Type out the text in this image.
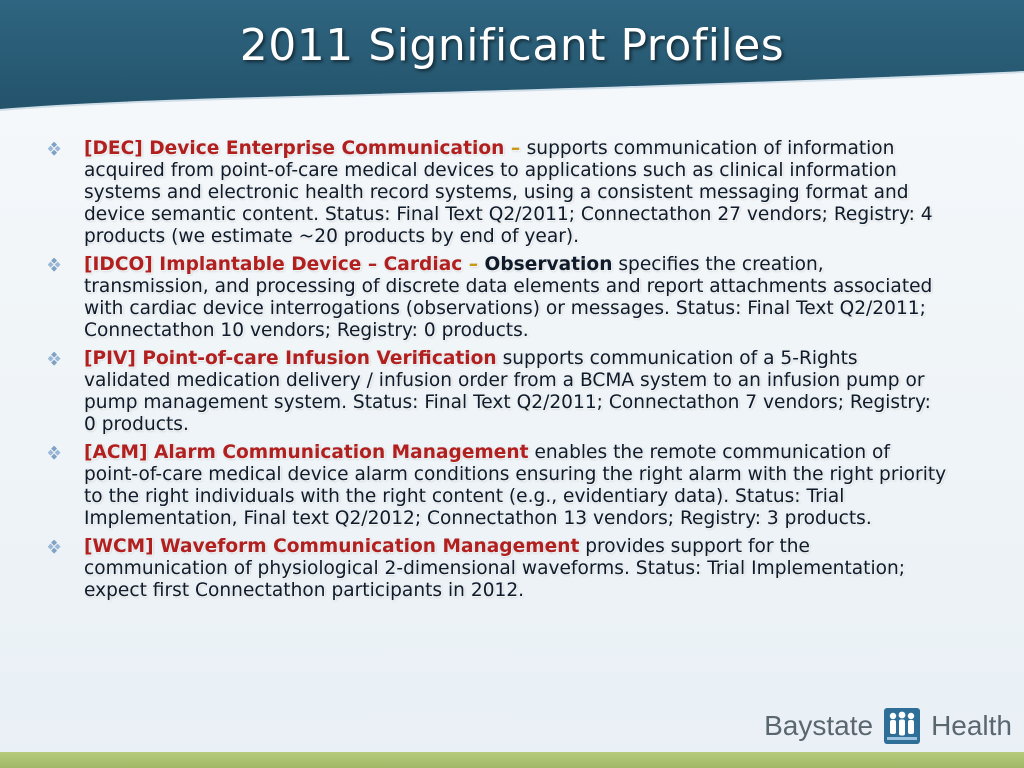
2011 Significant Profiles
[DEC] Device Enterprise Communication – supports communication of information acquired from point-of-care medical devices to applications such as clinical information systems and electronic health record systems, using a consistent messaging format and device semantic content. Status: Final Text Q2/2011; Connectathon 27 vendors; Registry: 4 products (we estimate ~20 products by end of year).
[IDCO] Implantable Device – Cardiac – Observation specifies the creation, transmission, and processing of discrete data elements and report attachments associated with cardiac device interrogations (observations) or messages. Status: Final Text Q2/2011; Connectathon 10 vendors; Registry: 0 products.
[PIV] Point-of-care Infusion Verification supports communication of a 5-Rights validated medication delivery / infusion order from a BCMA system to an infusion pump or pump management system. Status: Final Text Q2/2011; Connectathon 7 vendors; Registry: 0 products.
[ACM] Alarm Communication Management enables the remote communication of point-of-care medical device alarm conditions ensuring the right alarm with the right priority to the right individuals with the right content (e.g., evidentiary data). Status: Trial Implementation, Final text Q2/2012; Connectathon 13 vendors; Registry: 3 products.
[WCM] Waveform Communication Management provides support for the communication of physiological 2-dimensional waveforms. Status: Trial Implementation; expect first Connectathon participants in 2012.
Baystate Health
